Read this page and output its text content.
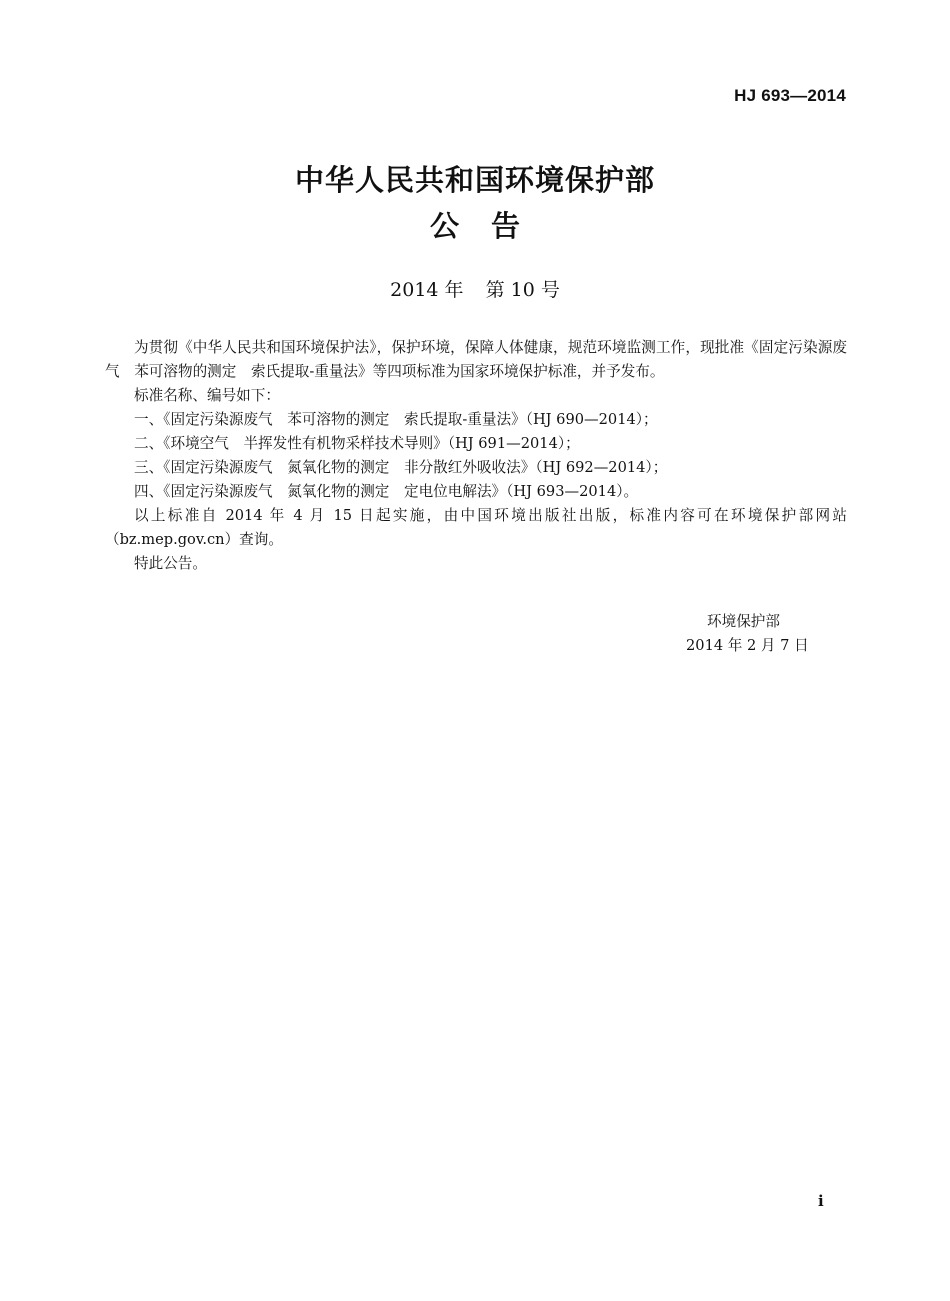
HJ 693—2014
中华人民共和国环境保护部
公告
2014 年 第 10 号

为贯彻《中华人民共和国环境保护法》，保护环境，保障人体健康，规范环境监测工作，现批准《固定污染源废气　苯可溶物的测定　索氏提取-重量法》等四项标准为国家环境保护标准，并予发布。

标准名称、编号如下：

一、《固定污染源废气　苯可溶物的测定　索氏提取-重量法》（HJ 690—2014）；

二、《环境空气　半挥发性有机物采样技术导则》（HJ 691—2014）；

三、《固定污染源废气　氮氧化物的测定　非分散红外吸收法》（HJ 692—2014）；

四、《固定污染源废气　氮氧化物的测定　定电位电解法》（HJ 693—2014）。

以上标准自 2014 年 4 月 15 日起实施，由中国环境出版社出版，标准内容可在环境保护部网站（bz.mep.gov.cn）查询。

特此公告。

环境保护部
2014 年 2 月 7 日
i
